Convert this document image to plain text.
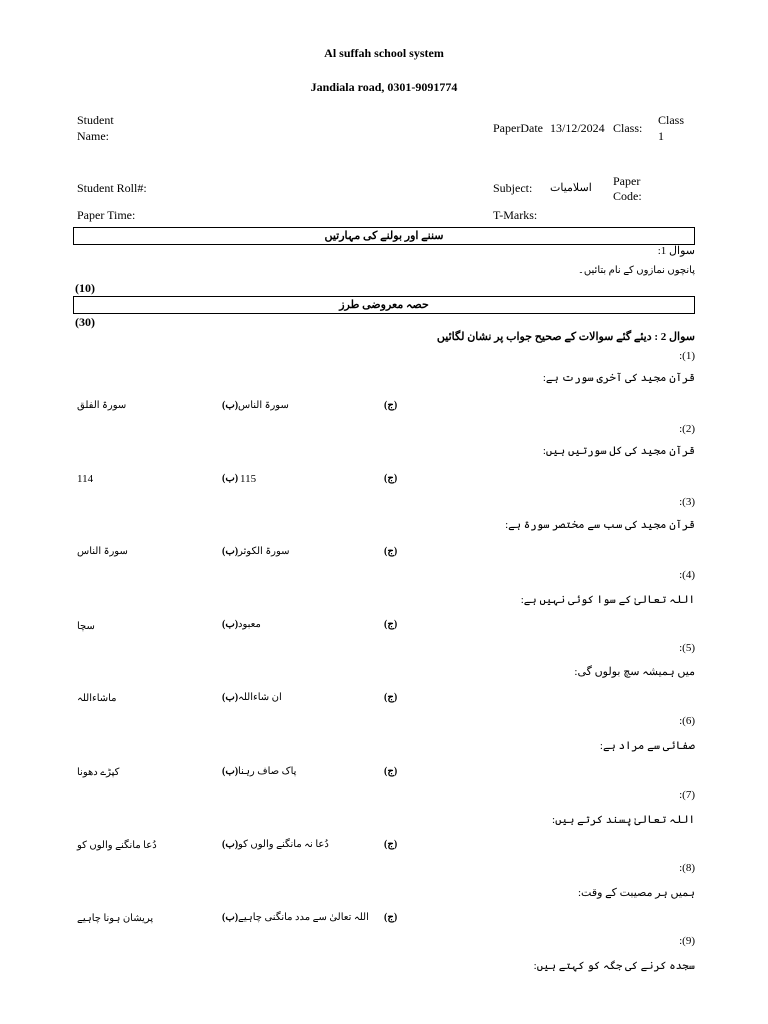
Al suffah school system
Jandiala road, 0301-9091774
Student
Name:
PaperDate 13/12/2024 Class:
Class
1
Student Roll#:	Subject: اسلامیات Paper
Code:
Paper Time:	T-Marks:
سننے اور بولنے کی مہارتیں
سوال 1:
پانچوں نمازوں کے نام بتائیں۔
(10)
حصہ معروضی طرز
(30)
سوال 2 : دیئے گئے سوالات کے صحیح جواب پر نشان لگائیں
:(1)
قرآن مجید کی آخری سورت ہے:
سورۃ الفلق	(ب) سورۃ الناس	(ج)
:(2)
قرآن مجید کی کل سورتیں ہیں:
114	(ب) 115	(ج)
:(3)
قرآن مجید کی سب سے مختصر سورۃ ہے:
سورۃ الناس	(ب) سورۃ الکوثر	(ج)
:(4)
اللہ تعالیٰ کے سوا کوئی نہیں ہے:
سچا	(ب) معبود	(ج)
:(5)
میں ہمیشہ سچ بولوں گی:
ماشاءاللہ	(ب) ان شاءاللہ	(ج)
:(6)
صفائی سے مراد ہے:
کپڑے دھونا	(ب) پاک صاف رہنا	(ج)
:(7)
اللہ تعالیٰ پسند کرتے ہیں:
دُعا مانگنے والوں کو	(ب) دُعا نہ مانگنے والوں کو	(ج)
:(8)
ہمیں ہر مصیبت کے وقت:
پریشان ہونا چاہیے	(ب) اللہ تعالیٰ سے مدد مانگنی چاہیے (ج)
:(9)
سجدہ کرنے کی جگہ کو کہتے ہیں:
